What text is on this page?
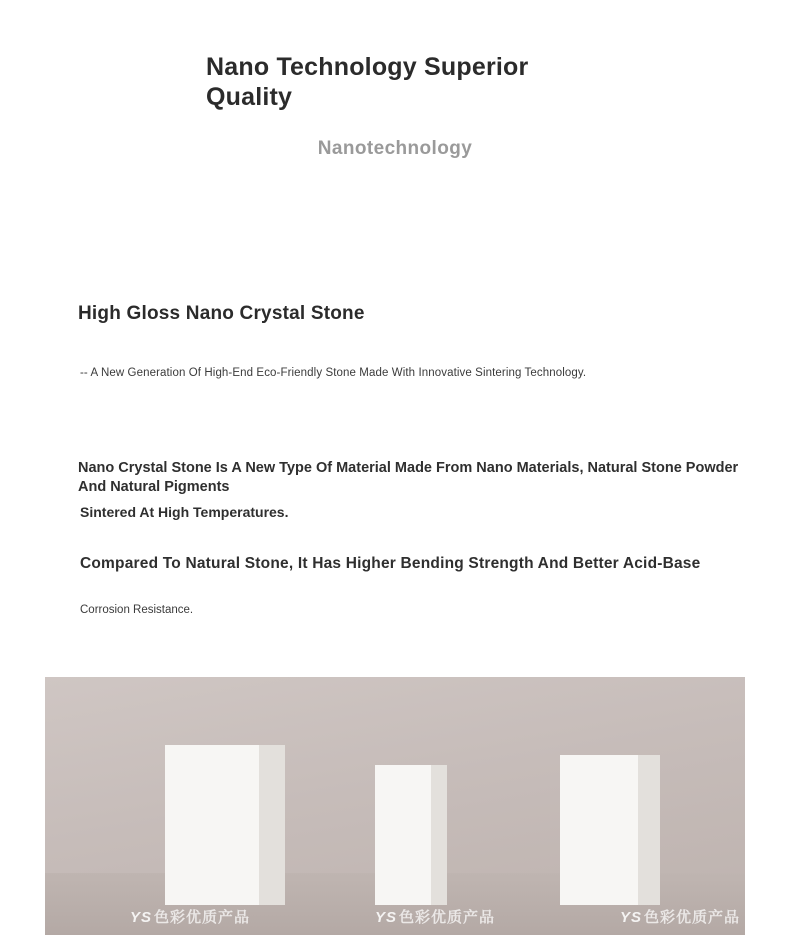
Nano Technology Superior Quality
Nanotechnology
High Gloss Nano Crystal Stone
-- A New Generation Of High-End Eco-Friendly Stone Made With Innovative Sintering Technology.
Nano Crystal Stone Is A New Type Of Material Made From Nano Materials, Natural Stone Powder
And Natural Pigments
Sintered At High Temperatures.
Compared To Natural Stone, It Has Higher Bending Strength And Better Acid-Base
Corrosion Resistance.
YS 色彩优质产品	YS 色彩优质产品	YS 色彩优质产品
